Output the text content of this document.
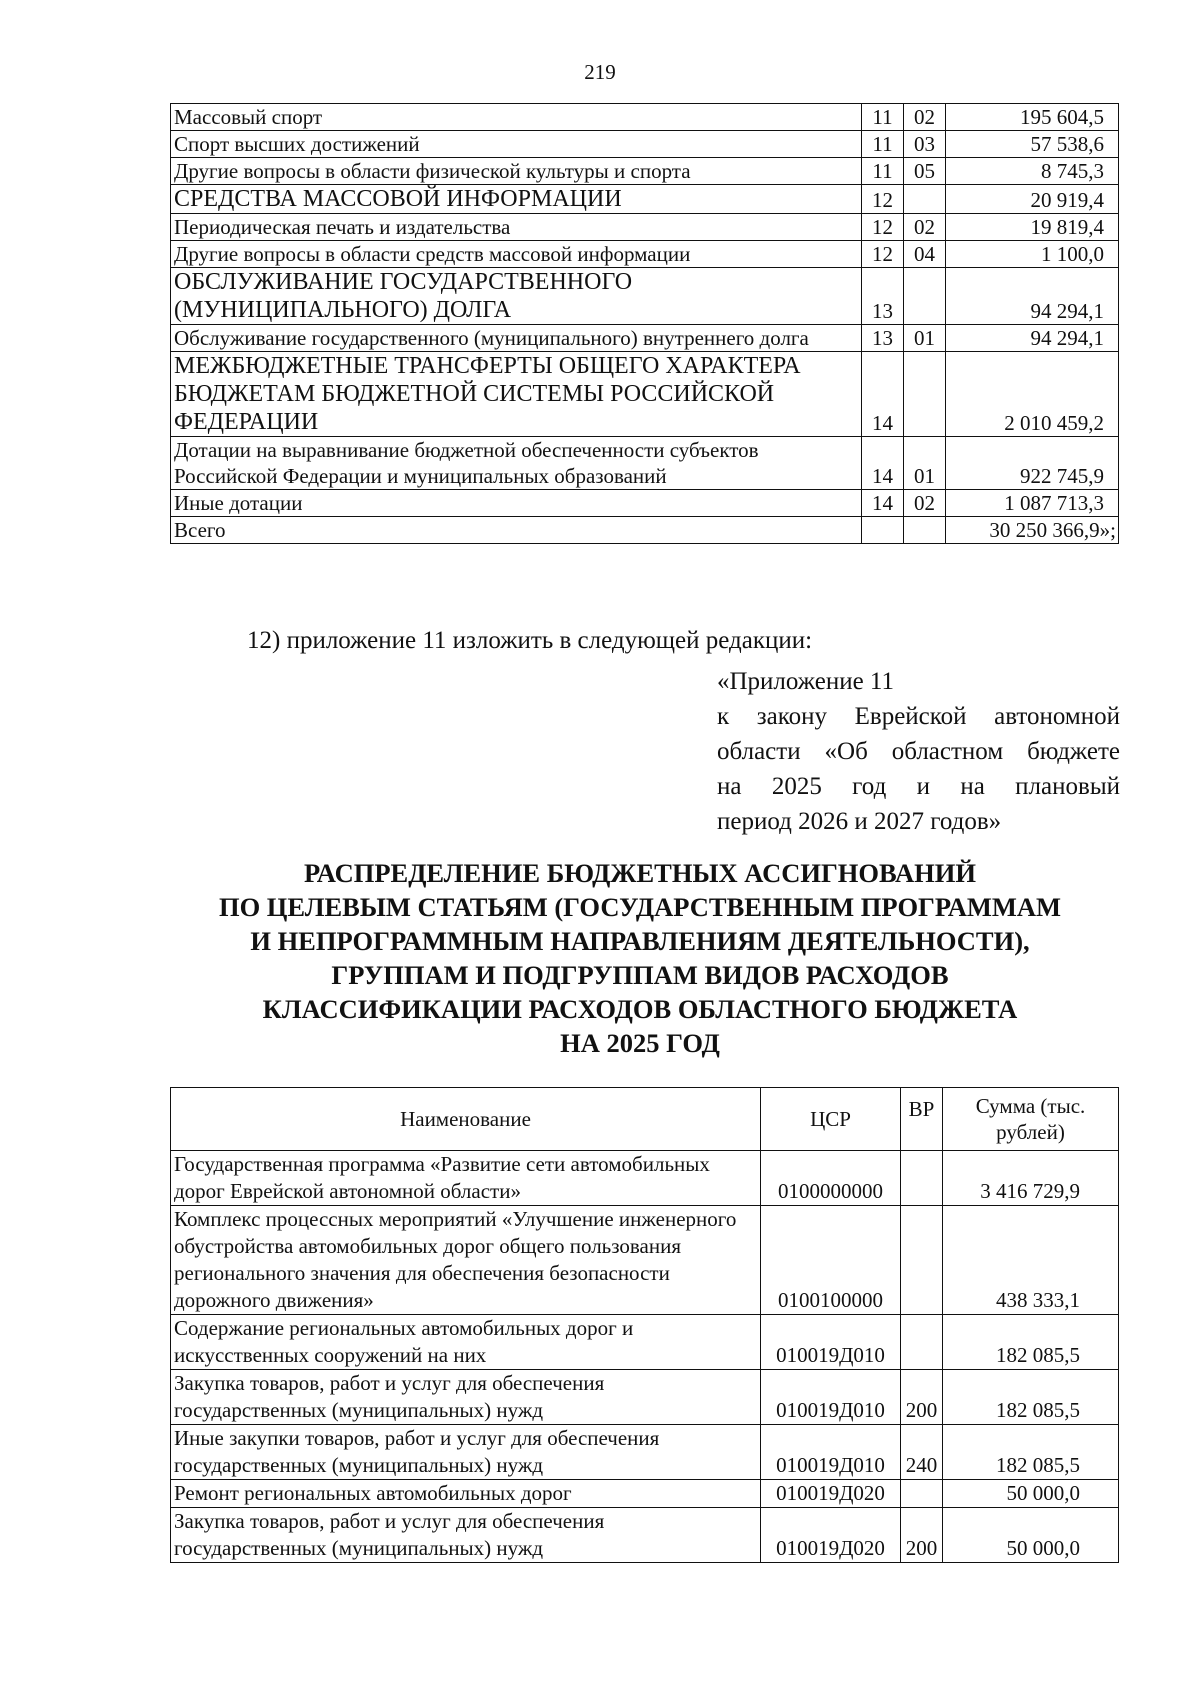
219
Массовый спорт	11	02	195 604,5
Спорт высших достижений	11	03	57 538,6
Другие вопросы в области физической культуры и спорта	11	05	8 745,3
СРЕДСТВА МАССОВОЙ ИНФОРМАЦИИ	12		20 919,4
Периодическая печать и издательства	12	02	19 819,4
Другие вопросы в области средств массовой информации	12	04	1 100,0
ОБСЛУЖИВАНИЕ ГОСУДАРСТВЕННОГО (МУНИЦИПАЛЬНОГО) ДОЛГА	13		94 294,1
Обслуживание государственного (муниципального) внутреннего долга	13	01	94 294,1
МЕЖБЮДЖЕТНЫЕ ТРАНСФЕРТЫ ОБЩЕГО ХАРАКТЕРА БЮДЖЕТАМ БЮДЖЕТНОЙ СИСТЕМЫ РОССИЙСКОЙ ФЕДЕРАЦИИ	14		2 010 459,2
Дотации на выравнивание бюджетной обеспеченности субъектов Российской Федерации и муниципальных образований	14	01	922 745,9
Иные дотации	14	02	1 087 713,3
Всего			30 250 366,9»;
12) приложение 11 изложить в следующей редакции:
«Приложение 11
к закону Еврейской автономной
области «Об областном бюджете
на 2025 год и на плановый
период 2026 и 2027 годов»
РАСПРЕДЕЛЕНИЕ БЮДЖЕТНЫХ АССИГНОВАНИЙ
ПО ЦЕЛЕВЫМ СТАТЬЯМ (ГОСУДАРСТВЕННЫМ ПРОГРАММАМ
И НЕПРОГРАММНЫМ НАПРАВЛЕНИЯМ ДЕЯТЕЛЬНОСТИ),
ГРУППАМ И ПОДГРУППАМ ВИДОВ РАСХОДОВ
КЛАССИФИКАЦИИ РАСХОДОВ ОБЛАСТНОГО БЮДЖЕТА
НА 2025 ГОД
Наименование	ЦСР	ВР	Сумма (тыс. рублей)
Государственная программа «Развитие сети автомобильных дорог Еврейской автономной области»	0100000000		3 416 729,9
Комплекс процессных мероприятий «Улучшение инженерного обустройства автомобильных дорог общего пользования регионального значения для обеспечения безопасности дорожного движения»	0100100000		438 333,1
Содержание региональных автомобильных дорог и искусственных сооружений на них	010019Д010		182 085,5
Закупка товаров, работ и услуг для обеспечения государственных (муниципальных) нужд	010019Д010	200	182 085,5
Иные закупки товаров, работ и услуг для обеспечения государственных (муниципальных) нужд	010019Д010	240	182 085,5
Ремонт региональных автомобильных дорог	010019Д020		50 000,0
Закупка товаров, работ и услуг для обеспечения государственных (муниципальных) нужд	010019Д020	200	50 000,0
